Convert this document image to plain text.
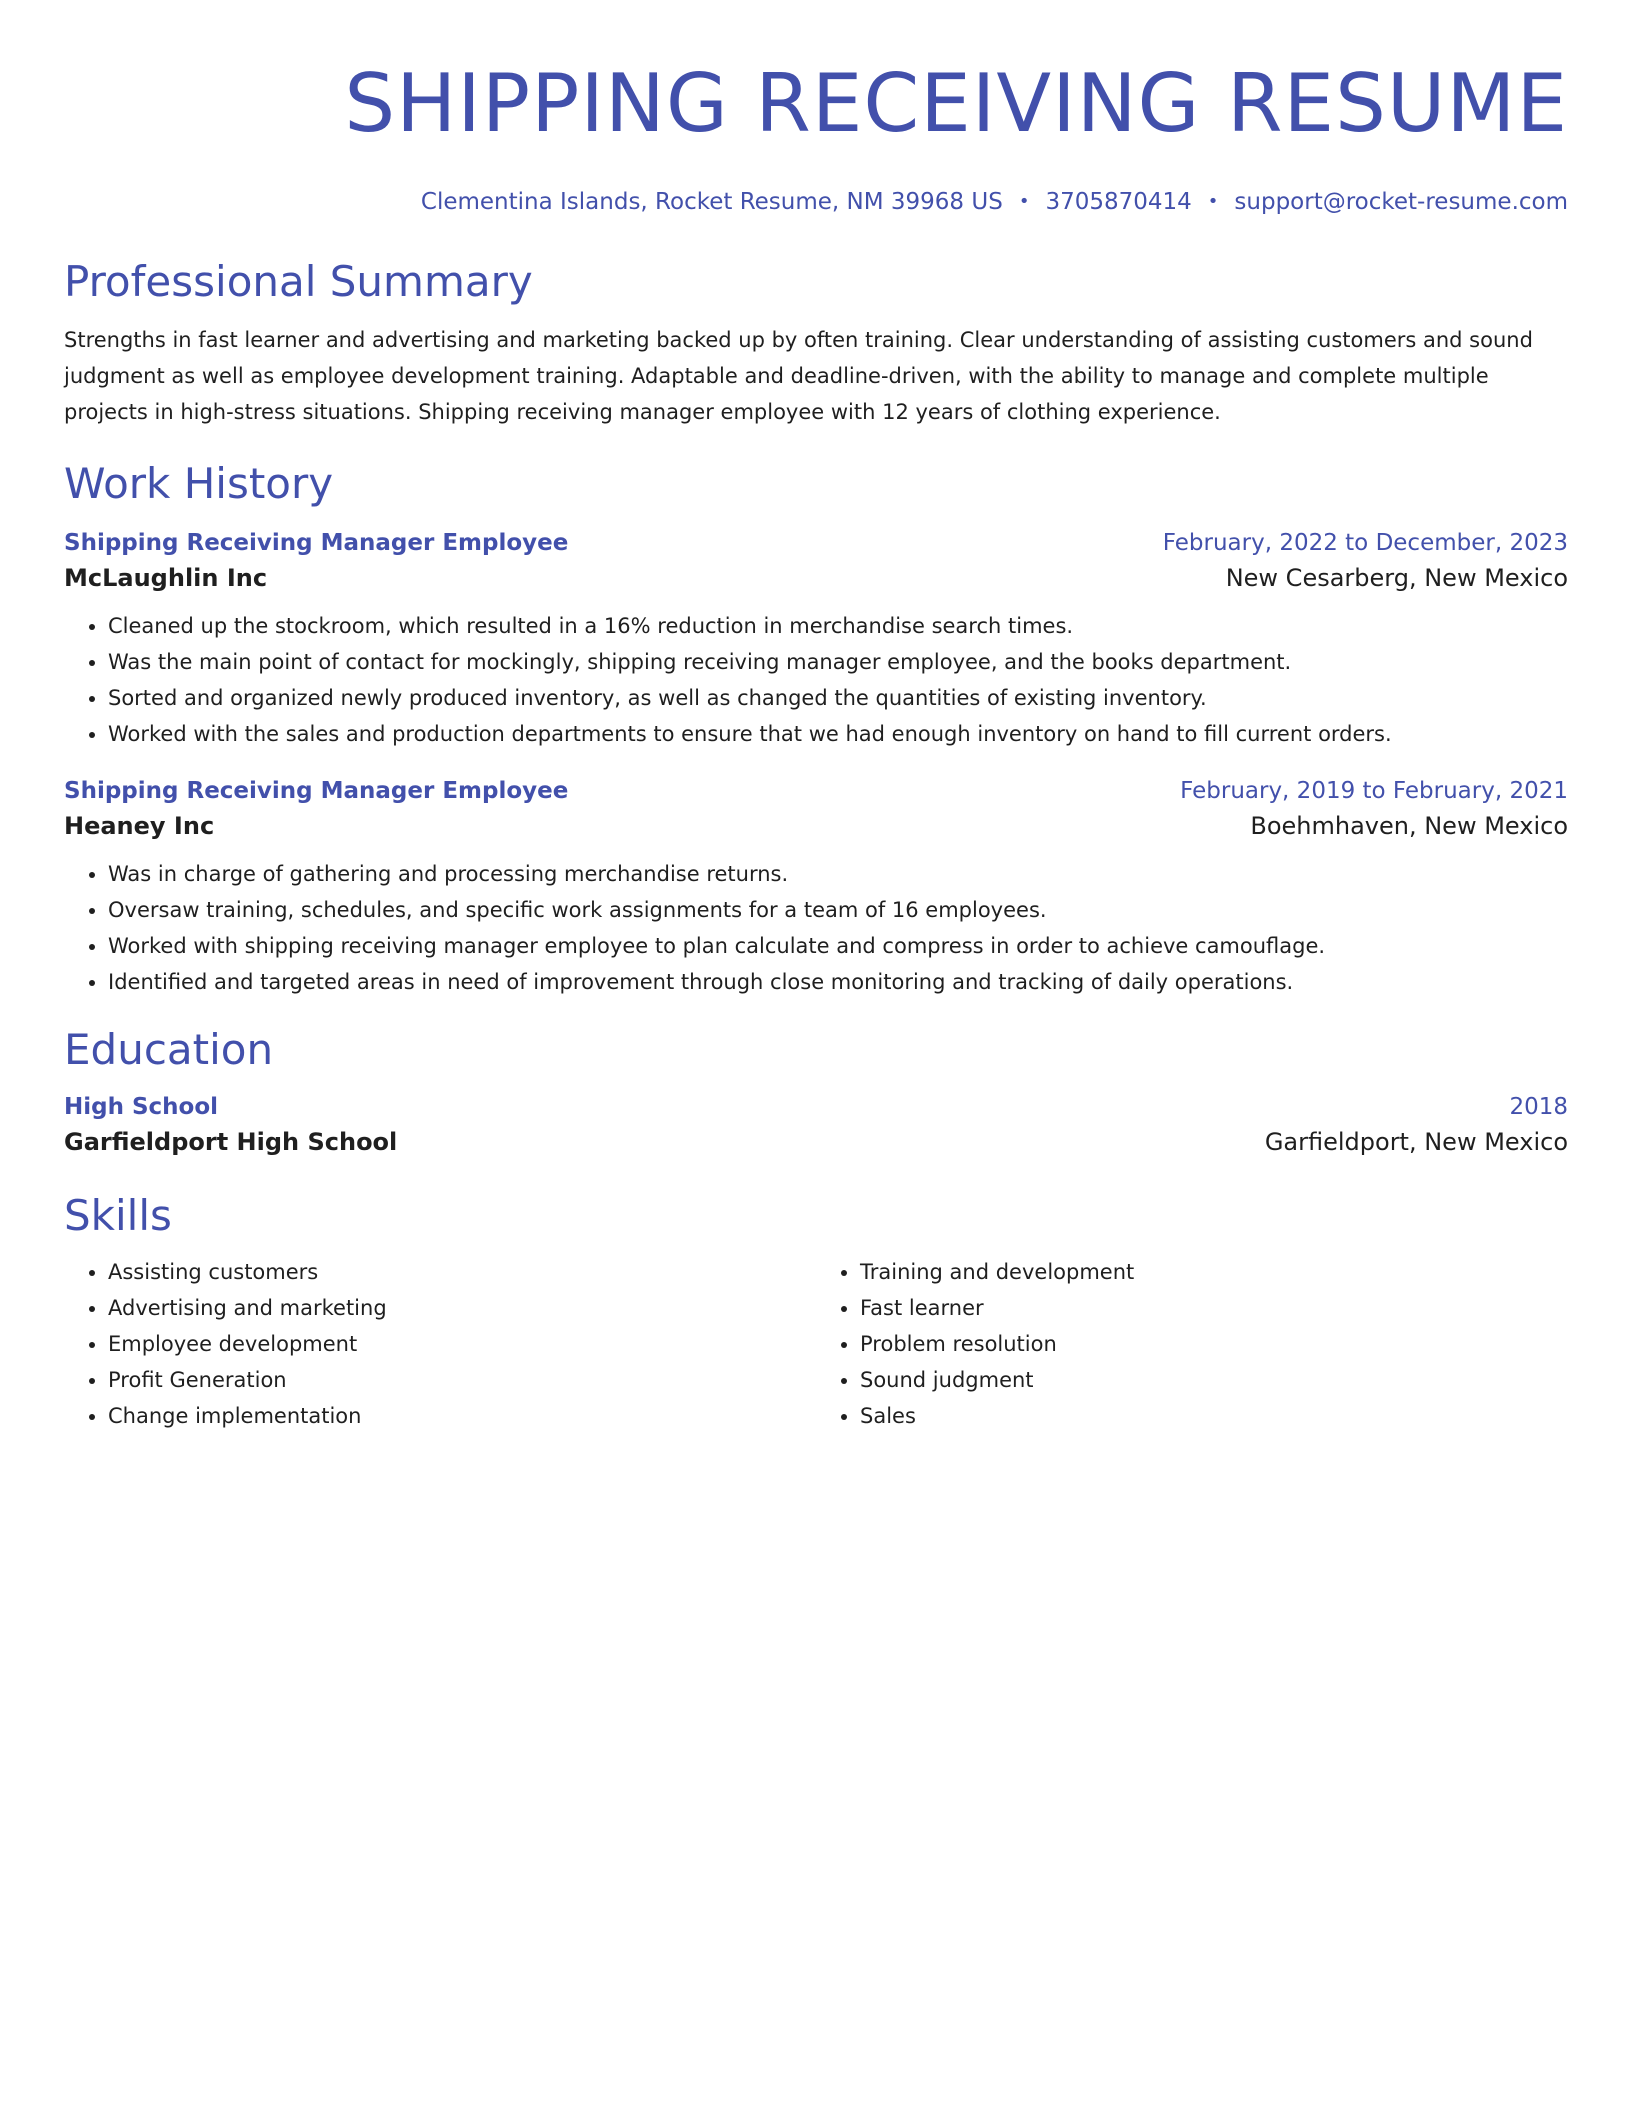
SHIPPING RECEIVING RESUME
Clementina Islands, Rocket Resume, NM 39968 US • 3705870414 • support@rocket-resume.com
Professional Summary
Strengths in fast learner and advertising and marketing backed up by often training. Clear understanding of assisting customers and sound judgment as well as employee development training. Adaptable and deadline-driven, with the ability to manage and complete multiple projects in high-stress situations. Shipping receiving manager employee with 12 years of clothing experience.
Work History
Shipping Receiving Manager Employee	February, 2022 to December, 2023
McLaughlin Inc	New Cesarberg, New Mexico
• Cleaned up the stockroom, which resulted in a 16% reduction in merchandise search times.
• Was the main point of contact for mockingly, shipping receiving manager employee, and the books department.
• Sorted and organized newly produced inventory, as well as changed the quantities of existing inventory.
• Worked with the sales and production departments to ensure that we had enough inventory on hand to fill current orders.
Shipping Receiving Manager Employee	February, 2019 to February, 2021
Heaney Inc	Boehmhaven, New Mexico
• Was in charge of gathering and processing merchandise returns.
• Oversaw training, schedules, and specific work assignments for a team of 16 employees.
• Worked with shipping receiving manager employee to plan calculate and compress in order to achieve camouflage.
• Identified and targeted areas in need of improvement through close monitoring and tracking of daily operations.
Education
High School	2018
Garfieldport High School	Garfieldport, New Mexico
Skills
• Assisting customers
• Advertising and marketing
• Employee development
• Profit Generation
• Change implementation
• Training and development
• Fast learner
• Problem resolution
• Sound judgment
• Sales
